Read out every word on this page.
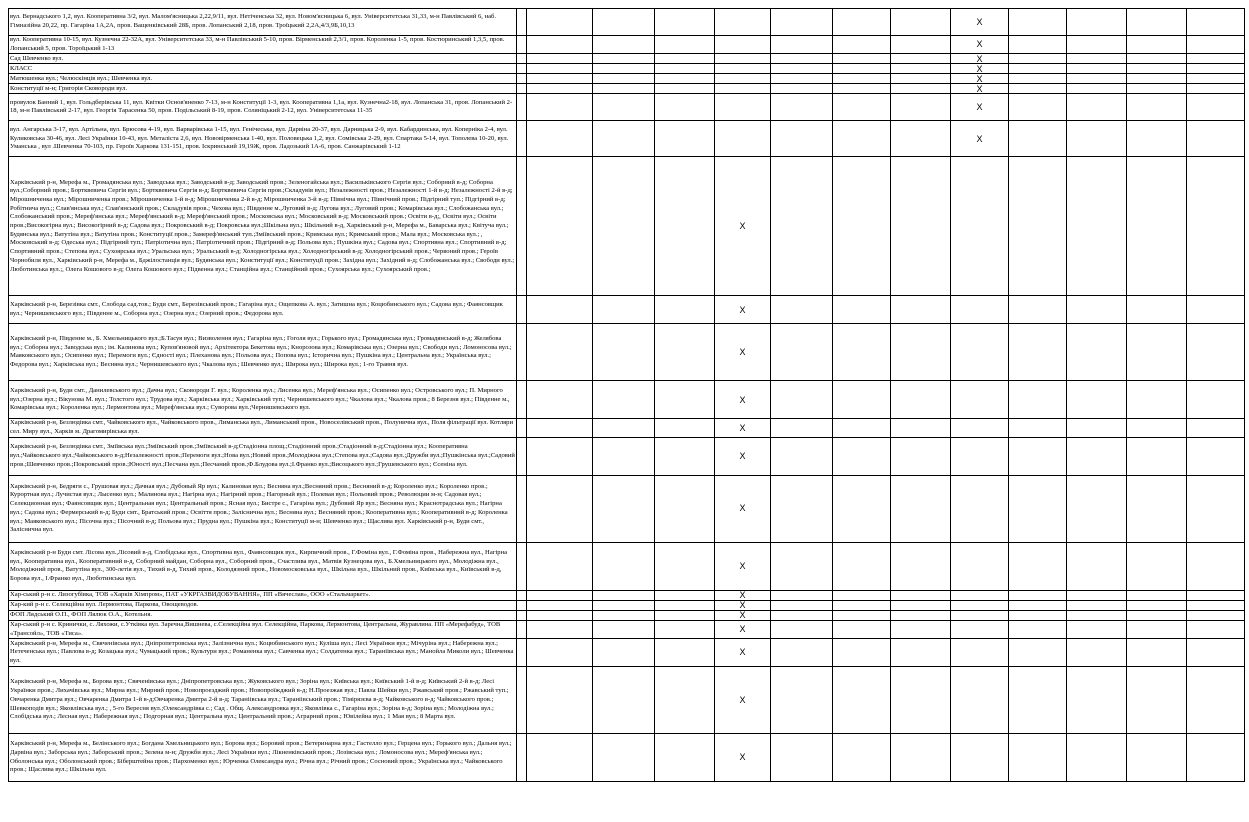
вул. Вернадського 1,2, вул. Кооперативна 3/2, вул. Малом'ясницька 2,22,9/11, вул. Нетіченська 32, вул. Новом'ясницька 6, вул. Університетська 31,33, м-н Павлівський 6, наб. Гімназійна 20,22, пр. Гагаріна 1А,2А, пров. Ващенківський 28Б, пров. Лопанський 2,18, пров. Троїцький 2,2А,4/3,9Б,10,13									X				
вул. Кооперативна 10-15, вул. Кузнечна 22-32А, вул. Університетська 33, м-н Павлівський 5-10, пров. Вірменський 2,3/1, пров. Короленка 1-5, пров. Костюринський 1,3,5, пров. Лопанський 5, пров. Тороїцький 1-13									X				
Сад Шевченко вул.									X				
КЛАСС									X				
Матюшенка вул.; Челюскінців вул.; Шевченка вул.									X				
Конституції м-н; Григорія Сковороди вул.									X				
провулок Банний 1, вул. Гольдберівська 11, вул. Квітки Основ'яненко 7-13, м-н Конституції 1-3, вул. Кооперативна 1,1а, вул. Кузнечна2-18, вул. Лопанська 31, пров. Лопанський 2-18, м-н Павлівський 2-17, вул. Георгія Тарасенка 50, пров. Подільський 8-19, пров. Соляніцький 2-12, вул. Університетська 11-35									X				
вул. Ангарська 3-17, вул. Артільна, вул. Брюсова 4-19, вул. Варварівська 1-15, вул. Генічеська, вул. Дарвіна 20-37, вул. Дарницька 2-9, вул. Кабардинська, вул. Коперніка 2-4, вул. Куликовська 30-46, вул. Лесі Українки 10-43, вул. Металіста 2,6, вул. Нововірменська 1-40, вул. Половецька 1,2, вул. Сомівська 2-29, вул. Спартака 5-14, вул. Тополева 10-20, вул. Уманська , вул .Шевченка 70-103, пр. Героїв Харкова 131-151, пров. Іскринський 19,19Ж, пров. Ладозький 1А-6, пров. Санжарівський 1-12									X				
Харківський р-н, Мерефа м., Громадянська вул.; Заводська вул.; Заводський в-д; Заводський пров.; Зеленогайська вул.; Васильківського Сергія вул.; Соборний в-д; Соборна вул.;Соборний пров.; Бортквевича Сергія вул.; Бортквевича Сергія в-д; Бортквевича Сергія пров.;Складувів вул.; Незалежності пров.; Незалежності 1-й в-д; Незалежності 2-й в-д; Мірошниченка вул.; Мірошниченка пров.; Мірошниченка 1-й в-д; Мірошниченка 2-й в-д; Мірошниченка 3-й в-д; Північна вул.; Північний пров.; Підгірний туп.; Підгірний в-д; Робітнича вул.;; Слав'янська вул.; Слав'янський пров.; Складувів пров.; Чехова вул.; Південне м.,Луговий в-д; Лугова вул.; Луговий пров.; Комарівська вул.; Слобожанська вул.; Слобожанський пров.; Мереф'янська вул.; Мереф'янський в-д; Мереф'янський пров.; Московська вул.; Московський в-д; Московський пров.; Освіти в-д;, Освіти вул.; Освіти пров.;Високогірна вул.; Високогірний в-д; Садова вул.; Покровський в-д; Покровська вул.;Шкільна вул.; Шкільний в-д, Харківський р-н, Мерефа м., Баварська вул.; Квітуча вул.; Будянська вул.; Ватутіна вул.; Ватутіна пров.; Конституції пров.; Замереф'янський туп.;Зміївський пров.; Кримська вул.; Кримський пров.; Мала вул.; Московська вул.; , Московський в-д; Одеська вул.; Підгірний туп.; Патріотична вул.; Патріотичний пров.; Підгірний в-д; Польова вул.; Пушкіна вул.; Садова вул.; Спортивна вул.; Спортивний в-д; Спортивний пров.; Степова вул.; Сухоярська вул.; Уральська вул.; Уральський в-д; Холодногірська вул.; Холодногірський в-д; Холодногірський пров.; Червоний пров.; Героїв Чорнобиля вул., Харківський р-н, Мерефа м., Бджілостанція вул.; Будянська вул.; Конституції вул.; Конституції пров.; Західна вул.; Західний в-д; Слобожанська вул.; Свободи вул.; Люботинська вул.;, Олега Кошового в-д; Олега Кошового вул.; Підвенна вул.; Станційна вул.; Станційний пров.; Сухоярська вул.; Сухоярський пров.;					X								
Харківський р-н, Березівка смт., Слобода сад.тов.; Буди смт., Березівський пров.; Гагаріна вул.; Ощепкова А. вул.; Затишна вул.; Коцюбинського вул.; Садова вул.; Фаянсовщик вул.; Чернишевського вул.; Південне м., Соборна вул.; Озерна вул.; Озерний пров.; Федорова вул.					X								
Харківський р-н, Південне м., Б. Хмельницького вул.;Б.Тасуя вул.; Визволення вул.; Гагаріна вул.; Гоголя вул.; Горького вул.; Громадянська вул.; Громадянський в-д; Желябова вул.; Соборна вул.; Заводська вул.; ім. Калинова вул.; Купов'яновой вул.; Архітектора Бекетова вул.; Кнорозова вул.; Комарівська вул.; Озерна вул.; Свободи вул.; Ломоносова вул.; Маяковського вул.; Осипенко вул.; Перемоги вул.; Єдності вул.; Плеханова вул.; Польова вул.; Попова вул.; Історична вул.; Пушкіна вул.; Центральна вул.; Українська вул.; Федорова вул.; Харківська вул.; Весняна вул.; Чернишевського вул.; Чкалова вул.; Шевченко вул.; Широка вул.; Широка вул.; 1-го Травня вул.					X								
Харківський р-н, Буди смт., Данилевського вул.; Дачна вул.; Сковороди Г. вул.; Короленка вул.; Лисенка вул.; Мереф'янська вул.; Осипенко вул.; Островського вул.; П. Мирного вул.;Озерна вул.; Вікунова М. вул.; Толстого вул.; Трудова вул.; Харківська вул.; Харківський туп.; Чернишевського вул.; Чкалова вул.; Чкалова пров.; 8 Березня вул.; Південне м., Комарівська вул.; Короленка вул.; Лермонтова вул.; Мереф'янська вул.; Суворова вул.;Чернишевського вул.					X								
Харківський р-н, Безлюдівка смт., Чайковського вул., Чайковського пров., Лиманська вул., Лиманський пров., Новоселівський пров., Полунична вул., Поля фільтрації вул. Котляри сел. Миру вул., Харків м. Драгомирівська вул.					X								
Харківський р-н, Безлюдівка смт., Зміївська вул.;Зміївський пров.;Зміївський в-д;Стадіонна площ.;Стадіонний пров.;Стадіонний в-д;Стадіонна вул.; Кооперативна вул.;Чайковського вул.;Чайковського в-д;Незалежності пров.;Перемоги вул.;Нова вул.;Новий пров.;Молодіжна вул.;Степова вул.;Садова вул.;Дружби вул.;Пушкінська вул.;Садовий пров.;Шевченко пров.;Покровський пров.;Юності вул.;Песчана вул.;Песчаний пров.;Ф.Блудова вул.;І.Франко вул.;Висоцького вул.;Грушевського вул.; Єсеніна вул.					X								
Харківський р-н, Бедряги с., Грушовая вул.; Дачная вул.; Дубовый Яр вул.; Калиновая вул.; Весняна вул.;Весняний пров.; Весняний в-д; Короленко вул.; Короленко пров.; Курортная вул.; Лучистая вул.; Лысенко вул.; Малинова вул.; Нагірна вул.; Нагірний пров.; Нагорный вул.; Полевая вул.; Польовий пров.; Революции м-н; Садовая вул.; Селекционная вул.; Фаянсовщик вул.; Центральная вул.; Центральный пров.; Ясная вул.; Бистре с., Гагаріна вул.; Дубовий Яр вул.; Весняна вул.; Краснотрадська вул.; Нагірна вул.; Садова вул.; Фермерський в-д; Буди смт., Братський пров.; Освіття пров.; Заліснична вул.; Весняна вул.; Весняний пров.; Кооперативна вул.; Кооперативний в-д; Короленка вул.; Маяковського вул.; Пісочна вул.; Пісочний в-д; Польова вул.; Прудна вул.; Пушкіна вул.; Конституції м-н; Шевченко вул.; Щаслива вул. Харківський р-н, Буди смт., Заліснична вул.					X								
Харківський р-н Буди смт. Лісова вул.,Лісовий в-д, Слобідська вул., Спортивна вул., Фаянсовщик вул., Кирпичний пров., Г.Фоміна вул., Г.Фоміна пров., Набережна вул., Нагірна вул., Кооперативна вул., Кооперативний в-д, Соборний майдан, Соборна вул., Соборний пров., Счастлива вул., Матвія Кузнецова вул., Б.Хмельницького вул., Молодіжна вул., Молодіжний пров., Ватутіна вул., 300-летія вул., Тихий в-д, Тихий пров., Колодязний пров., Новомосковська вул., Шкільна вул., Шкільний пров., Київська вул., Київський в-д, Борова вул., І.Франко вул., Люботинська вул.					X								
Хар-ський р-н с. Лизогубівка, ТОВ «Харків Хімпром», ПАТ «УКРГАЗВИДОБУВАННЯ», ПП «Вячеслав», ООО «Стальмаркет».					X								
Хар-кий р-н с. Селекційна вул. Лермонтова, Паркова, Овощеводов.					X								
ФОП Лядський О.П., ФОП Лялюк О.А., Котельня.					X								
Хар-ський р-н с. Кринички, с. Ляхожи, с.Утківка вул. Заречна,Вишнева, с.Селекційна вул. Селекційна, Паркова, Лермонтова, Центральна, Журавлина. ПП «Мерефабуд», ТОВ «Трансойл», ТОВ «Тиса».					X								
Харківський р-н, Мерефа м., Свяченівська вул.; Дніпропетровська вул.; Залізнична вул.; Коцюбинського вул.; Куліша вул.; Лесі Українки вул.; Мічуріна вул.; Набережна вул.; Нетеченська вул.; Павлова в-д; Козацька вул.; Чумацький пров.; Культури вул.; Романенка вул.; Савченка вул.; Солдатенка вул.; Тараніівська вул.; Манойла Миколи вул.; Шевченка вул.					X								
Харківський р-н, Мерефа м., Борова вул.; Свяченівська вул.; Дніпропетровська вул.; Жуковського вул.; Зоріна вул.; Київська вул.; Київський 1-й в-д; Київський 2-й в-д; Лесі Українки пров.; Лихачівська вул.; Мирна вул.; Мирний пров.; Новопроезджий пров.; Новопроїжджий в-д; Н.Проезжая вул.; Павла Шейки вул.; Ржавський пров.; Ржавський туп.; Овчаренка Дмитра вул.; Овчаренка Дмитра 1-й в-д;Овчаренка Дмитра 2-й в-д; Тараніівська вул.; Тараніівський пров.; Тімірязєва в-д; Чайковського в-д; Чайковського пров.; Шевкоподів вул.; Яковлівська вул.; , 5-го Вересня вул.;Олександрівка с.; Сад . Общ. Александровка вул.; Яковлівка с., Гагаріна вул.; Зоріна в-д; Зоріна вул.; Молодіжна вул.; Слобідська вул.; Лесная вул.; Набережная вул.; Подгорная вул.; Центральна вул.; Центральний пров.; Аграрний пров.; Ювілейна вул.; 1 Мая вул.; 8 Марта вул.					X								
Харківський р-н, Мерефа м., Белінського вул.; Богдана Хмельницького вул.; Борова вул.; Боровий пров.; Ветеринарна вул.; Гастелло вул.; Герцена вул.; Горького вул.; Дальня вул.; Дарвіна вул.; Заборська вул.; Заборський пров.; Зелена м-н; Дружби вул.; Лесі Українки вул.; Лікненківський пров.; Лозівська вул.; Ломоносова вул.; Мереф'янська вул.; Оболонська вул.; Оболонський пров.; Біберштейна пров.; Пархоменко вул.; Юрченка Олександра вул.; Річна вул.; Річний пров.; Сосновий пров.; Українська вул.; Чайковського пров.; Щаслива вул.; Шкільна вул.					X								
